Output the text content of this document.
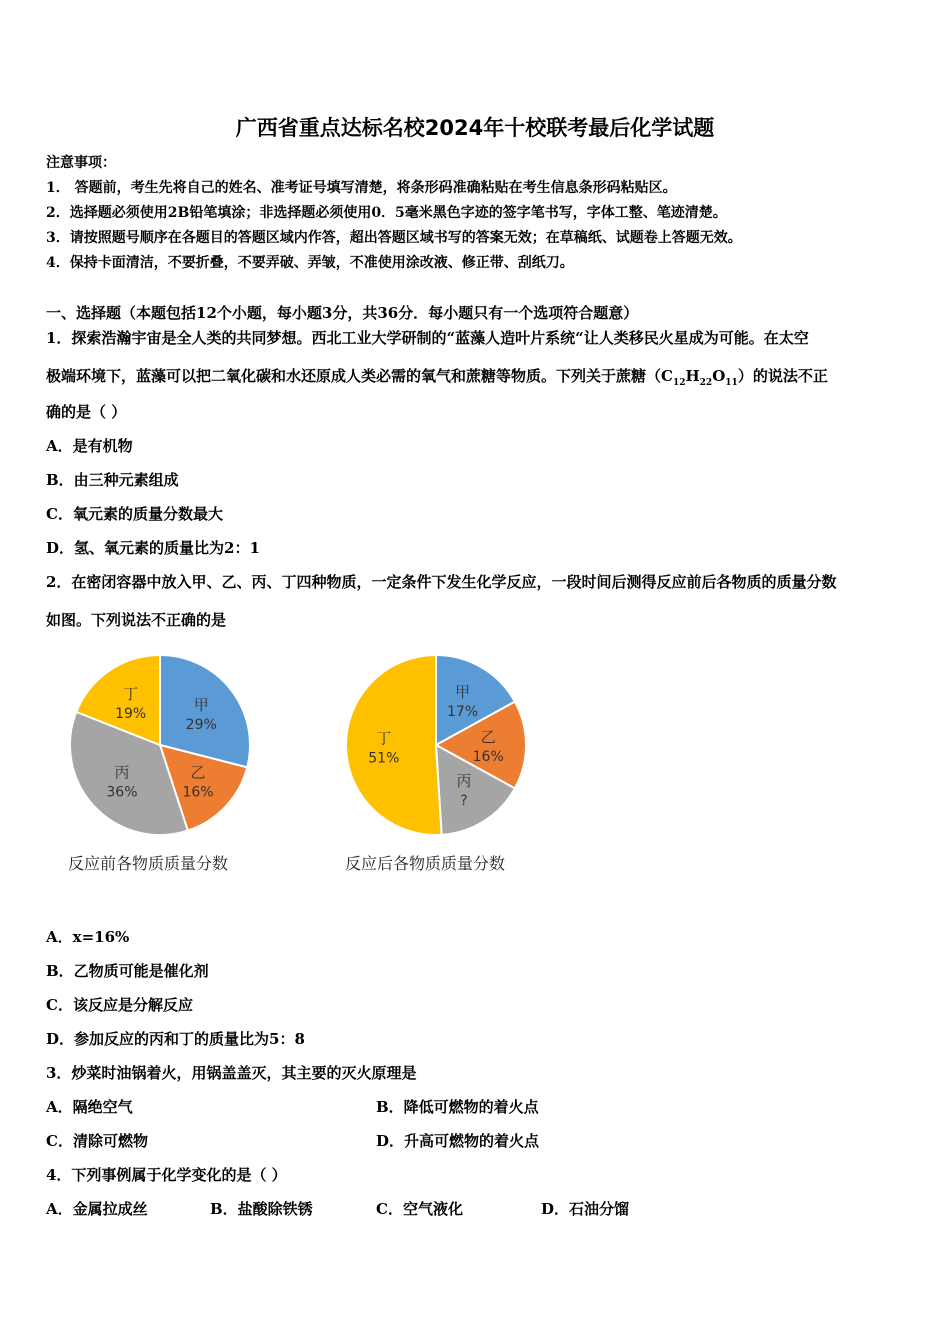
广西省重点达标名校2024年十校联考最后化学试题
注意事项：
1． 答题前，考生先将自己的姓名、准考证号填写清楚，将条形码准确粘贴在考生信息条形码粘贴区。
2．选择题必须使用2B铅笔填涂；非选择题必须使用0．5毫米黑色字迹的签字笔书写，字体工整、笔迹清楚。
3．请按照题号顺序在各题目的答题区域内作答，超出答题区域书写的答案无效；在草稿纸、试题卷上答题无效。
4．保持卡面清洁，不要折叠，不要弄破、弄皱，不准使用涂改液、修正带、刮纸刀。
一、选择题（本题包括12个小题，每小题3分，共36分．每小题只有一个选项符合题意）
1．探索浩瀚宇宙是全人类的共同梦想。西北工业大学研制的“蓝藻人造叶片系统“让人类移民火星成为可能。在太空
极端环境下，蓝藻可以把二氧化碳和水还原成人类必需的氧气和蔗糖等物质。下列关于蔗糖$(C_{12}H_{22}O_{11})$的说法不正
确的是（ ）
A．是有机物
B．由三种元素组成
C．氧元素的质量分数最大
D．氢、氧元素的质量比为2：1
2．在密闭容器中放入甲、乙、丙、丁四种物质，一定条件下发生化学反应，一段时间后测得反应前后各物质的质量分数
如图。下列说法不正确的是
甲
29%
乙
16%
丙
36%
丁
19%
反应前各物质质量分数
甲
17%
乙
16%
丙
?
丁
51%
反应后各物质质量分数
A．x=16%
B．乙物质可能是催化剂
C．该反应是分解反应
D．参加反应的丙和丁的质量比为5：8
3．炒菜时油锅着火，用锅盖盖灭，其主要的灭火原理是
A．隔绝空气	B．降低可燃物的着火点
C．清除可燃物	D．升高可燃物的着火点
4．下列事例属于化学变化的是（ ）
A．金属拉成丝	B．盐酸除铁锈	C．空气液化	D．石油分馏
